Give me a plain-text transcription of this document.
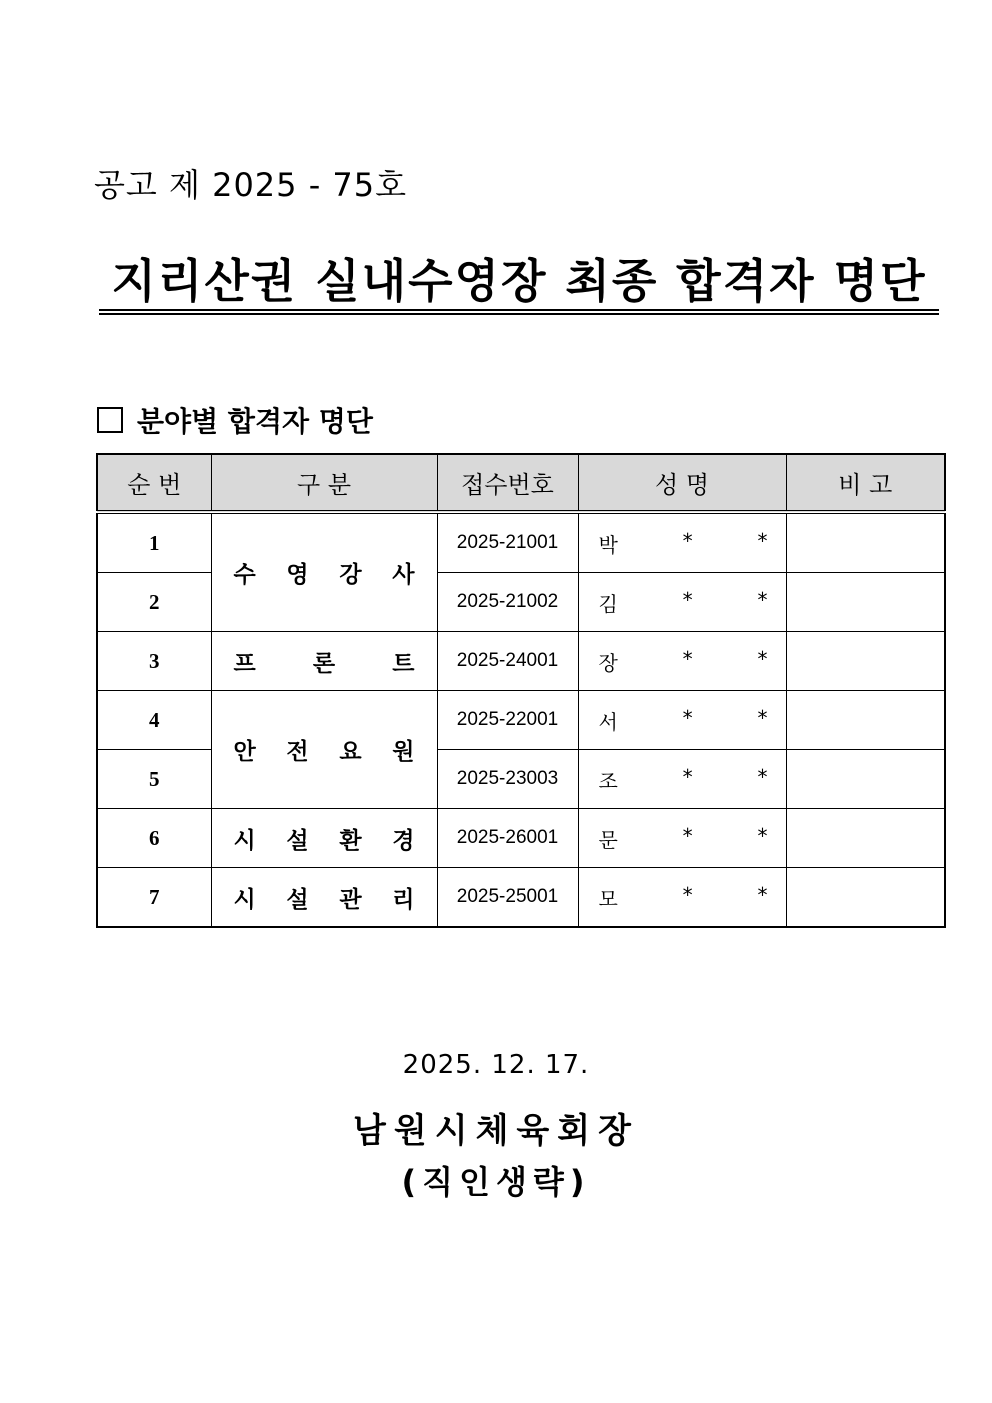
공고 제 2025 - 75호
지리산권 실내수영장 최종 합격자 명단
분야별 합격자 명단
순 번	구 분	접수번호	성 명	비 고
1	수 영 강 사	2025-21001	박 * *	

2		2025-21002	김 * *	

3	프 론 트	2025-24001	장 * *	

4	안 전 요 원	2025-22001	서 * *	

5		2025-23003	조 * *	

6	시 설 환 경	2025-26001	문 * *	

7	시 설 관 리	2025-25001	모 * *	

2025. 12. 17.
남원시체육회장
(직인생략)
